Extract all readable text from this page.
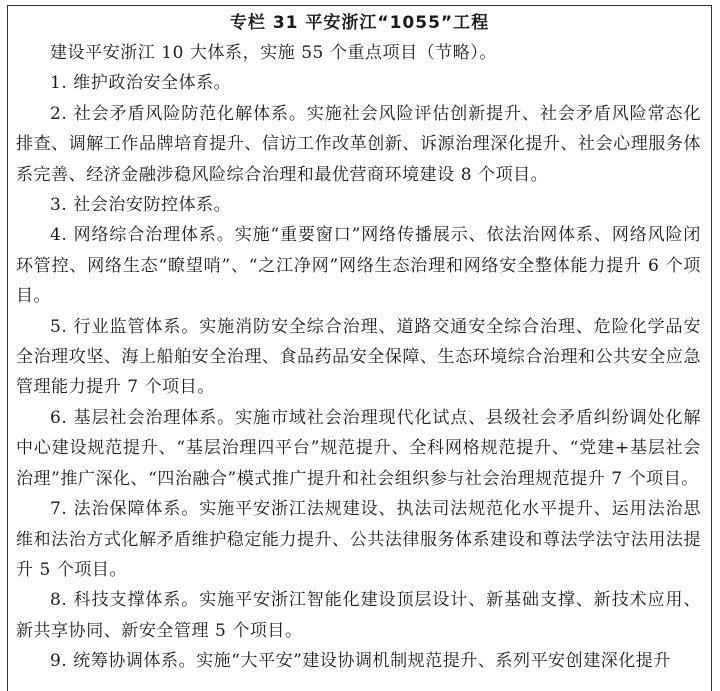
专栏 31 平安浙江“1055”工程

建设平安浙江 10 大体系，实施 55 个重点项目（节略）。

1. 维护政治安全体系。

2. 社会矛盾风险防范化解体系。实施社会风险评估创新提升、社会矛盾风险常态化排查、调解工作品牌培育提升、信访工作改革创新、诉源治理深化提升、社会心理服务体系完善、经济金融涉稳风险综合治理和最优营商环境建设 8 个项目。

3. 社会治安防控体系。

4. 网络综合治理体系。实施“重要窗口”网络传播展示、依法治网体系、网络风险闭环管控、网络生态“瞭望哨”、“之江净网”网络生态治理和网络安全整体能力提升 6 个项目。

5. 行业监管体系。实施消防安全综合治理、道路交通安全综合治理、危险化学品安全治理攻坚、海上船舶安全治理、食品药品安全保障、生态环境综合治理和公共安全应急管理能力提升 7 个项目。

6. 基层社会治理体系。实施市域社会治理现代化试点、县级社会矛盾纠纷调处化解中心建设规范提升、“基层治理四平台”规范提升、全科网格规范提升、“党建+基层社会治理”推广深化、“四治融合”模式推广提升和社会组织参与社会治理规范提升 7 个项目。

7. 法治保障体系。实施平安浙江法规建设、执法司法规范化水平提升、运用法治思维和法治方式化解矛盾维护稳定能力提升、公共法律服务体系建设和尊法学法守法用法提升 5 个项目。

8. 科技支撑体系。实施平安浙江智能化建设顶层设计、新基础支撑、新技术应用、新共享协同、新安全管理 5 个项目。

9. 统筹协调体系。实施“大平安”建设协调机制规范提升、系列平安创建深化提升
